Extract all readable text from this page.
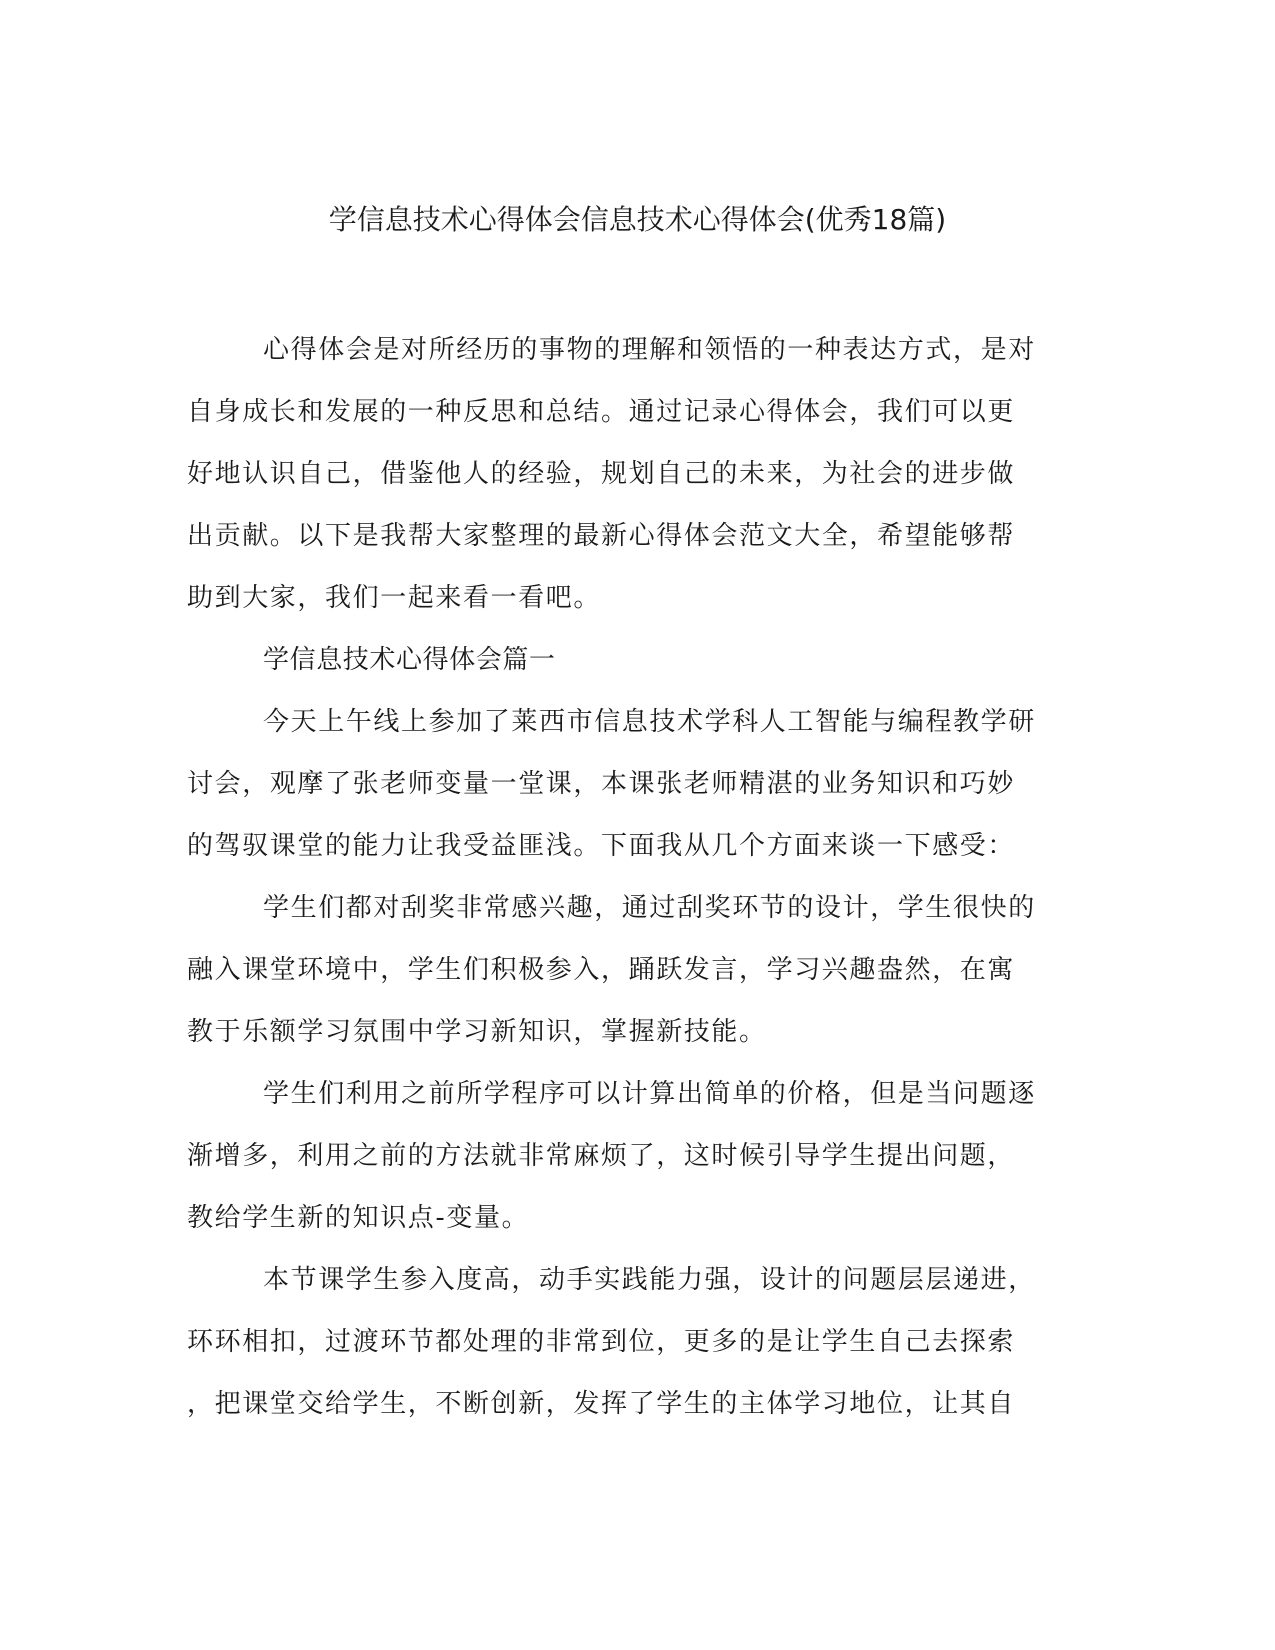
学信息技术心得体会信息技术心得体会(优秀18篇)
心得体会是对所经历的事物的理解和领悟的一种表达方式，是对
自身成长和发展的一种反思和总结。通过记录心得体会，我们可以更
好地认识自己，借鉴他人的经验，规划自己的未来，为社会的进步做
出贡献。以下是我帮大家整理的最新心得体会范文大全，希望能够帮
助到大家，我们一起来看一看吧。
学信息技术心得体会篇一
今天上午线上参加了莱西市信息技术学科人工智能与编程教学研
讨会，观摩了张老师变量一堂课，本课张老师精湛的业务知识和巧妙
的驾驭课堂的能力让我受益匪浅。下面我从几个方面来谈一下感受：
学生们都对刮奖非常感兴趣，通过刮奖环节的设计，学生很快的
融入课堂环境中，学生们积极参入，踊跃发言，学习兴趣盎然，在寓
教于乐额学习氛围中学习新知识，掌握新技能。
学生们利用之前所学程序可以计算出简单的价格，但是当问题逐
渐增多，利用之前的方法就非常麻烦了，这时候引导学生提出问题，
教给学生新的知识点-变量。
本节课学生参入度高，动手实践能力强，设计的问题层层递进，
环环相扣，过渡环节都处理的非常到位，更多的是让学生自己去探索
，把课堂交给学生，不断创新，发挥了学生的主体学习地位，让其自
